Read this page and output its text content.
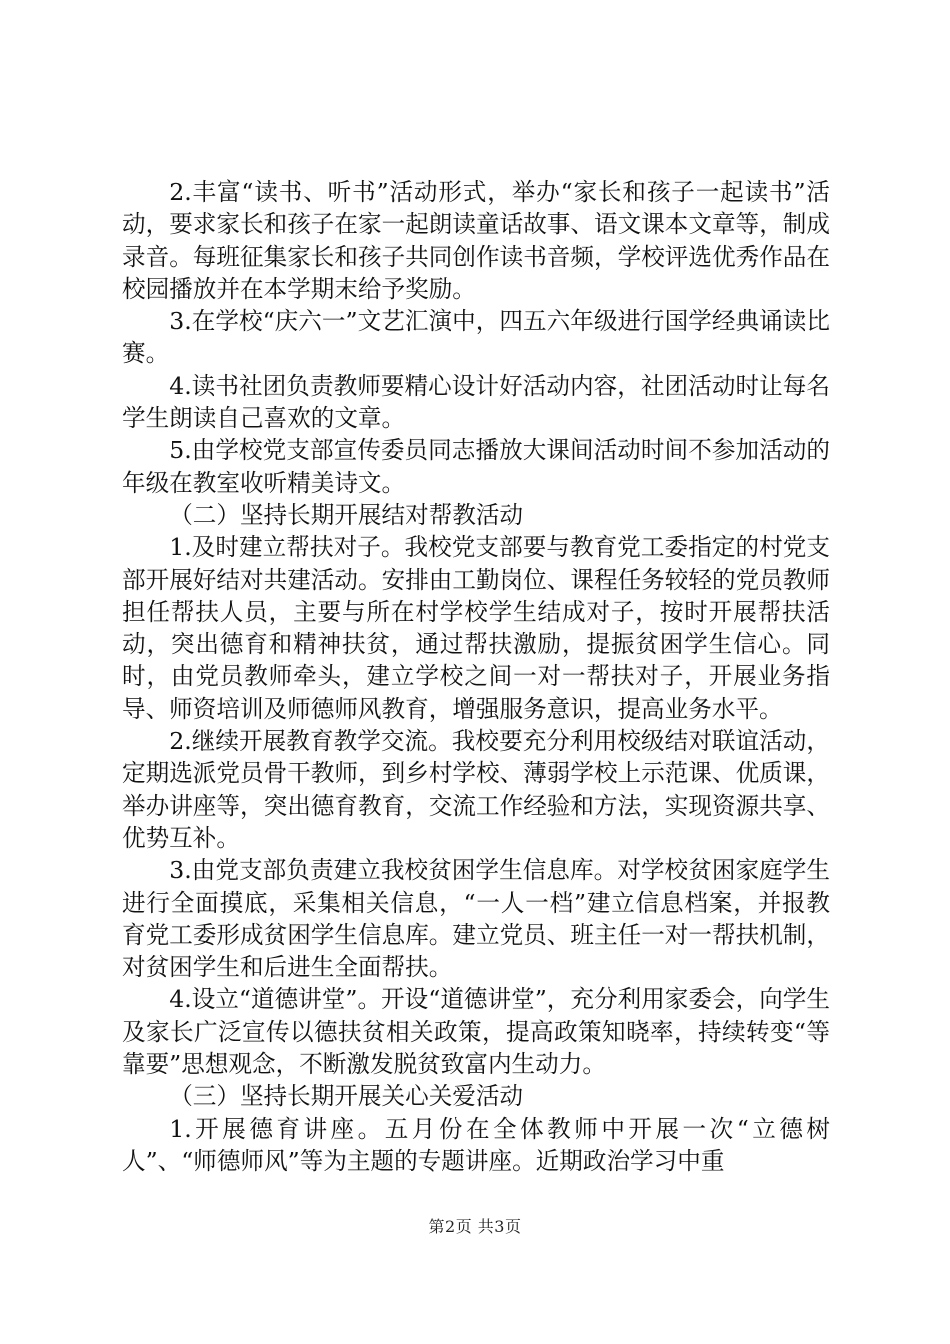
2.丰富“读书、听书”活动形式，举办“家长和孩子一起读书”活动，要求家长和孩子在家一起朗读童话故事、语文课本文章等，制成录音。每班征集家长和孩子共同创作读书音频，学校评选优秀作品在校园播放并在本学期末给予奖励。

3.在学校“庆六一”文艺汇演中，四五六年级进行国学经典诵读比赛。

4.读书社团负责教师要精心设计好活动内容，社团活动时让每名学生朗读自己喜欢的文章。

5.由学校党支部宣传委员同志播放大课间活动时间不参加活动的年级在教室收听精美诗文。

（二）坚持长期开展结对帮教活动

1.及时建立帮扶对子。我校党支部要与教育党工委指定的村党支部开展好结对共建活动。安排由工勤岗位、课程任务较轻的党员教师担任帮扶人员，主要与所在村学校学生结成对子，按时开展帮扶活动，突出德育和精神扶贫，通过帮扶激励，提振贫困学生信心。同时，由党员教师牵头，建立学校之间一对一帮扶对子，开展业务指导、师资培训及师德师风教育，增强服务意识，提高业务水平。

2.继续开展教育教学交流。我校要充分利用校级结对联谊活动，定期选派党员骨干教师，到乡村学校、薄弱学校上示范课、优质课，举办讲座等，突出德育教育，交流工作经验和方法，实现资源共享、优势互补。

3.由党支部负责建立我校贫困学生信息库。对学校贫困家庭学生进行全面摸底，采集相关信息，“一人一档”建立信息档案，并报教育党工委形成贫困学生信息库。建立党员、班主任一对一帮扶机制，对贫困学生和后进生全面帮扶。

4.设立“道德讲堂”。开设“道德讲堂”，充分利用家委会，向学生及家长广泛宣传以德扶贫相关政策，提高政策知晓率，持续转变“等靠要”思想观念，不断激发脱贫致富内生动力。

（三）坚持长期开展关心关爱活动

1.开展德育讲座。五月份在全体教师中开展一次“立德树人”、“师德师风”等为主题的专题讲座。近期政治学习中重

第2页 共3页
